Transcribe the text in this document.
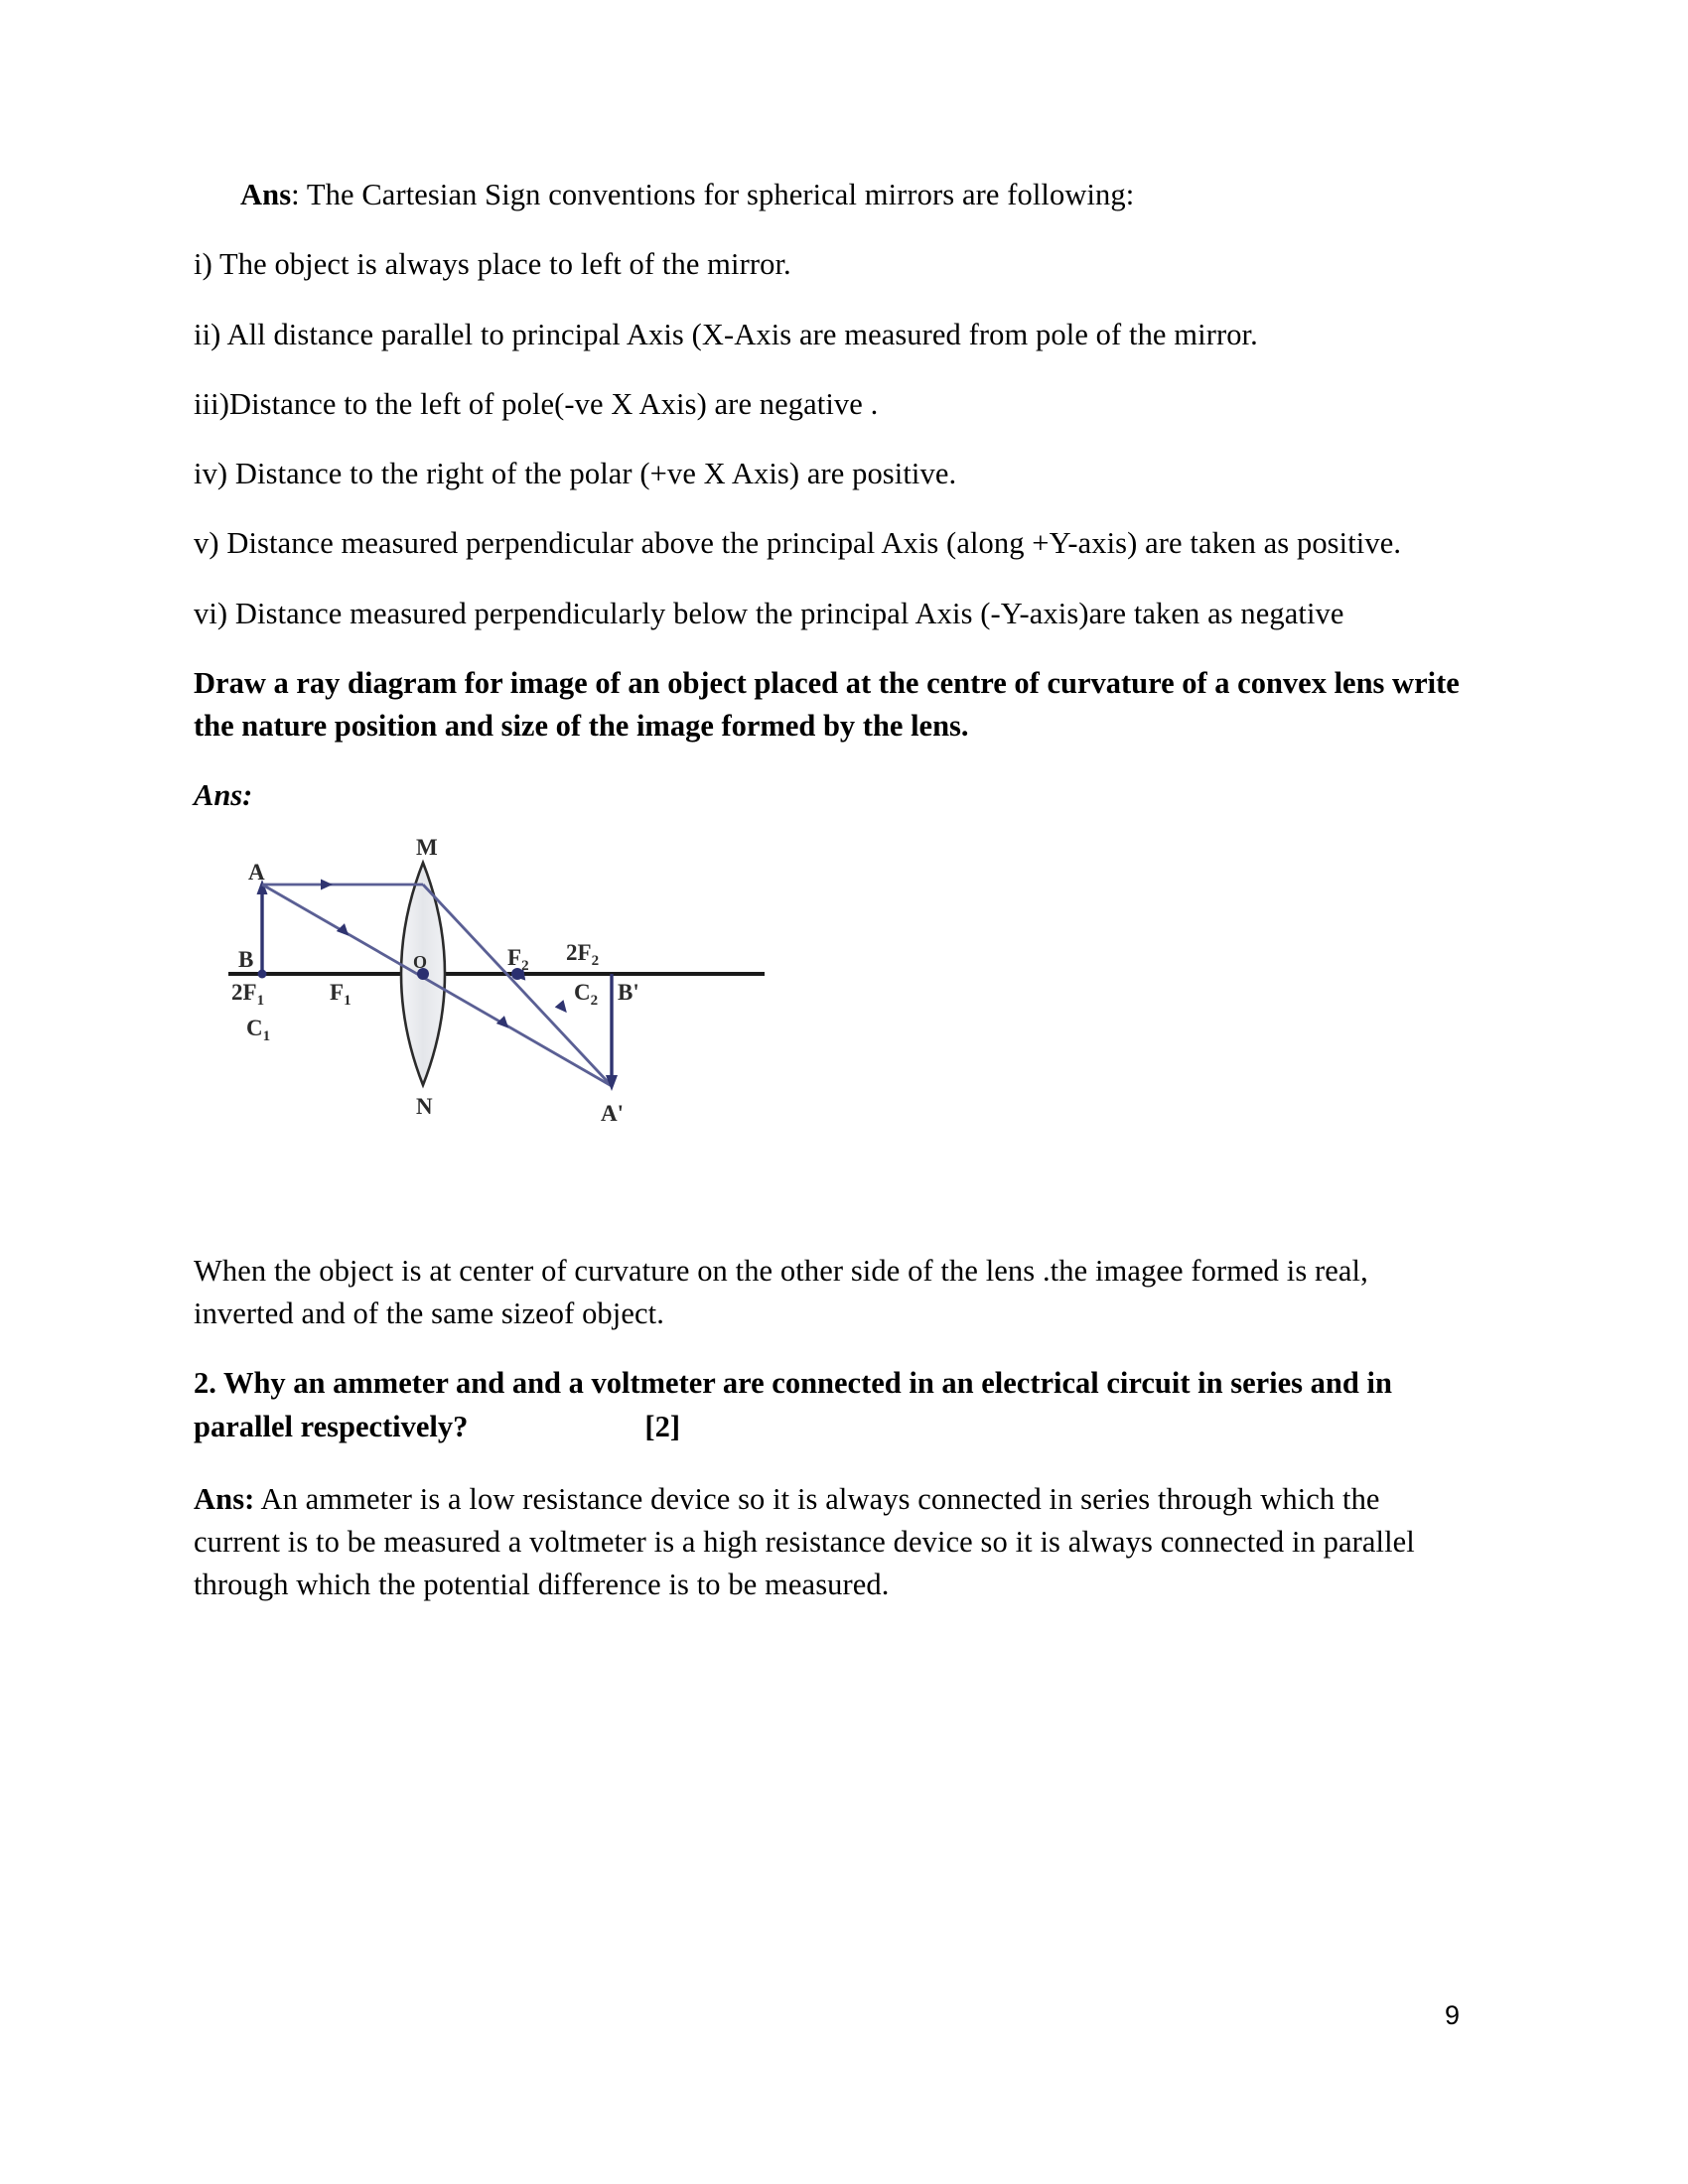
Ans: The Cartesian Sign conventions for spherical mirrors are following:

i) The object is always place to left of the mirror.

ii) All distance parallel to principal Axis (X-Axis are measured from pole of the mirror.

iii)Distance to the left of pole(-ve X Axis) are negative .

iv) Distance to the right of the polar (+ve X Axis) are positive.

v) Distance measured perpendicular above the principal Axis (along +Y-axis) are taken as positive.

vi) Distance measured perpendicularly below the principal Axis (-Y-axis)are taken as negative

Draw a ray diagram for image of an object placed at the centre of curvature of a convex lens write the nature position and size of the image formed by the lens.

Ans:

M
N
O
A
B
$2F_1$
$C_1$
$F_1$
$F_2$
$2F_2$
$C_2$ B'
A'

When the object is at center of curvature on the other side of the lens .the imagee formed is real, inverted and of the same sizeof object.

2. Why an ammeter and and a voltmeter are connected in an electrical circuit in series and in parallel respectively?	[2]

Ans: An ammeter is a low resistance device so it is always connected in series through which the current is to be measured a voltmeter is a high resistance device so it is always connected in parallel through which the potential difference is to be measured.

9
